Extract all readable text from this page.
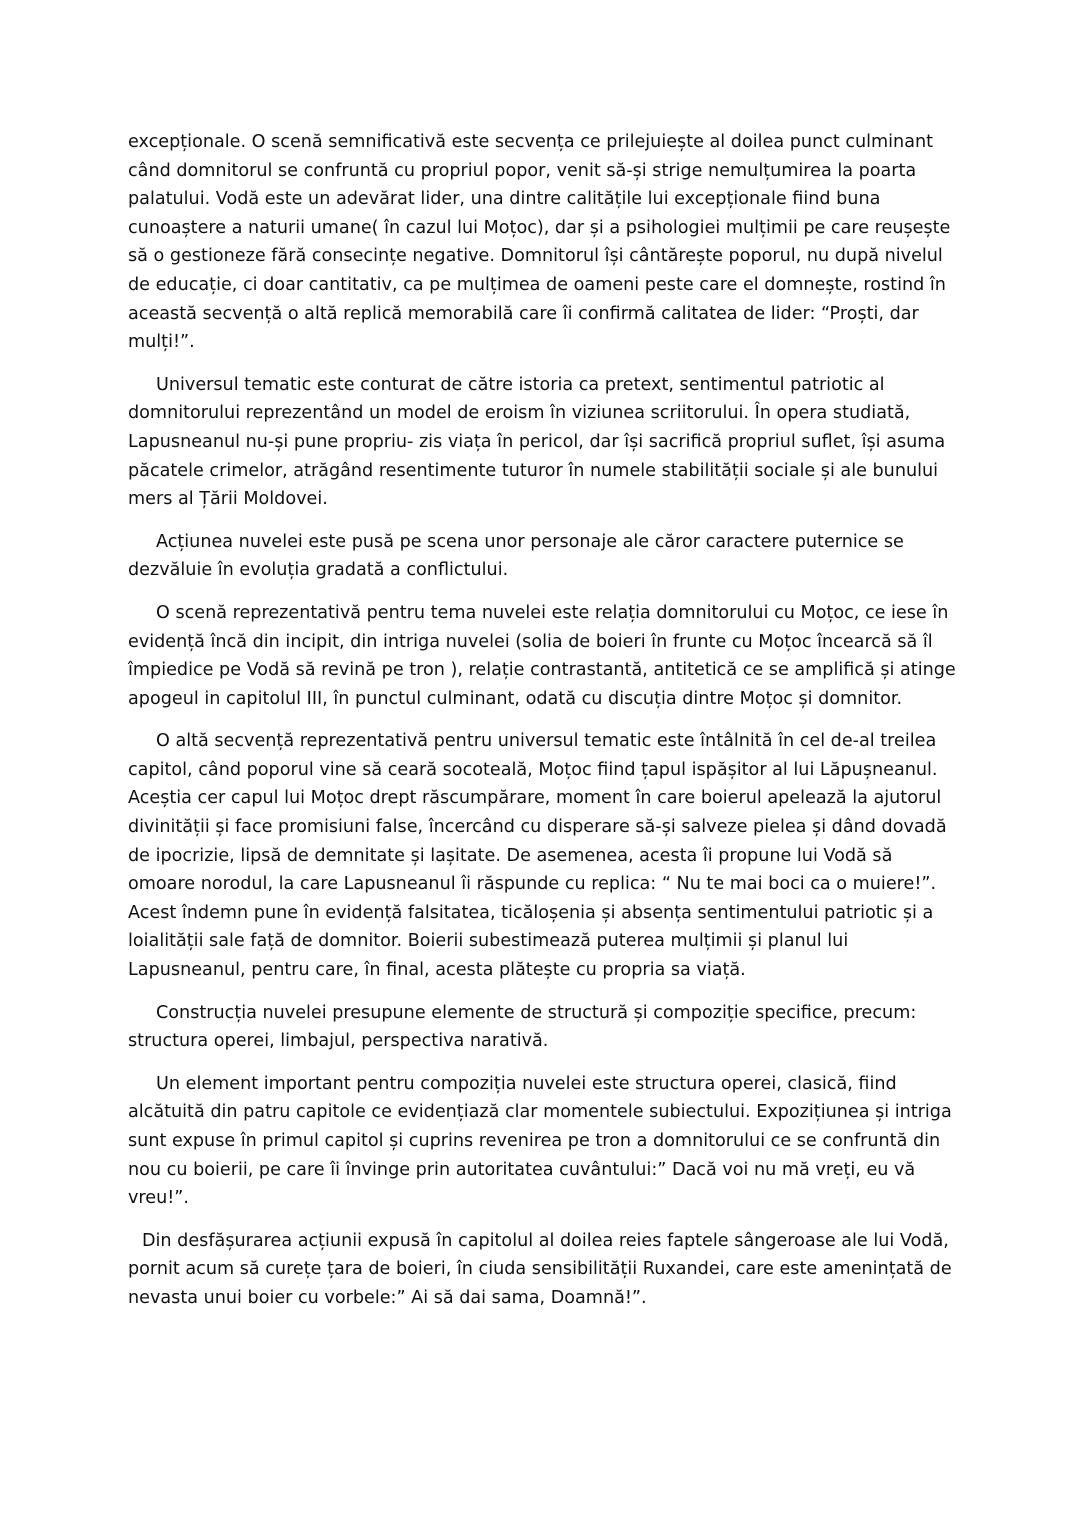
excepționale. O scenă semnificativă este secvența ce prilejuiește al doilea punct culminant când domnitorul se confruntă cu propriul popor, venit să-și strige nemulțumirea la poarta palatului. Vodă este un adevărat lider, una dintre calitățile lui excepționale fiind buna cunoaștere a naturii umane( în cazul lui Moțoc), dar și a psihologiei mulțimii pe care reușește să o gestioneze fără consecințe negative. Domnitorul își cântărește poporul, nu după nivelul de educație, ci doar cantitativ, ca pe mulțimea de oameni peste care el domnește, rostind în această secvență o altă replică memorabilă care îi confirmă calitatea de lider: “Proști, dar mulți!”.

Universul tematic este conturat de către istoria ca pretext, sentimentul patriotic al domnitorului reprezentând un model de eroism în viziunea scriitorului. În opera studiată, Lapusneanul nu-și pune propriu- zis viața în pericol, dar își sacrifică propriul suflet, își asuma păcatele crimelor, atrăgând resentimente tuturor în numele stabilității sociale și ale bunului mers al Țării Moldovei.

Acțiunea nuvelei este pusă pe scena unor personaje ale căror caractere puternice se dezvăluie în evoluția gradată a conflictului.

O scenă reprezentativă pentru tema nuvelei este relația domnitorului cu Moțoc, ce iese în evidență încă din incipit, din intriga nuvelei (solia de boieri în frunte cu Moțoc încearcă să îl împiedice pe Vodă să revină pe tron ), relație contrastantă, antitetică ce se amplifică și atinge apogeul in capitolul III, în punctul culminant, odată cu discuția dintre Moțoc și domnitor.

O altă secvență reprezentativă pentru universul tematic este întâlnită în cel de-al treilea capitol, când poporul vine să ceară socoteală, Moțoc fiind țapul ispășitor al lui Lăpușneanul. Aceștia cer capul lui Moțoc drept răscumpărare, moment în care boierul apelează la ajutorul divinității și face promisiuni false, încercând cu disperare să-și salveze pielea și dând dovadă de ipocrizie, lipsă de demnitate și lașitate. De asemenea, acesta îi propune lui Vodă să omoare norodul, la care Lapusneanul îi răspunde cu replica: “ Nu te mai boci ca o muiere!”. Acest îndemn pune în evidență falsitatea, ticăloșenia și absența sentimentului patriotic și a loialității sale față de domnitor. Boierii subestimează puterea mulțimii și planul lui Lapusneanul, pentru care, în final, acesta plătește cu propria sa viață.

Construcția nuvelei presupune elemente de structură și compoziție specifice, precum: structura operei, limbajul, perspectiva narativă.

Un element important pentru compoziția nuvelei este structura operei, clasică, fiind alcătuită din patru capitole ce evidențiază clar momentele subiectului. Expozițiunea și intriga sunt expuse în primul capitol și cuprins revenirea pe tron a domnitorului ce se confruntă din nou cu boierii, pe care îi învinge prin autoritatea cuvântului:” Dacă voi nu mă vreți, eu vă vreu!”.

Din desfășurarea acțiunii expusă în capitolul al doilea reies faptele sângeroase ale lui Vodă, pornit acum să curețe țara de boieri, în ciuda sensibilității Ruxandei, care este amenințată de nevasta unui boier cu vorbele:” Ai să dai sama, Doamnă!”.
